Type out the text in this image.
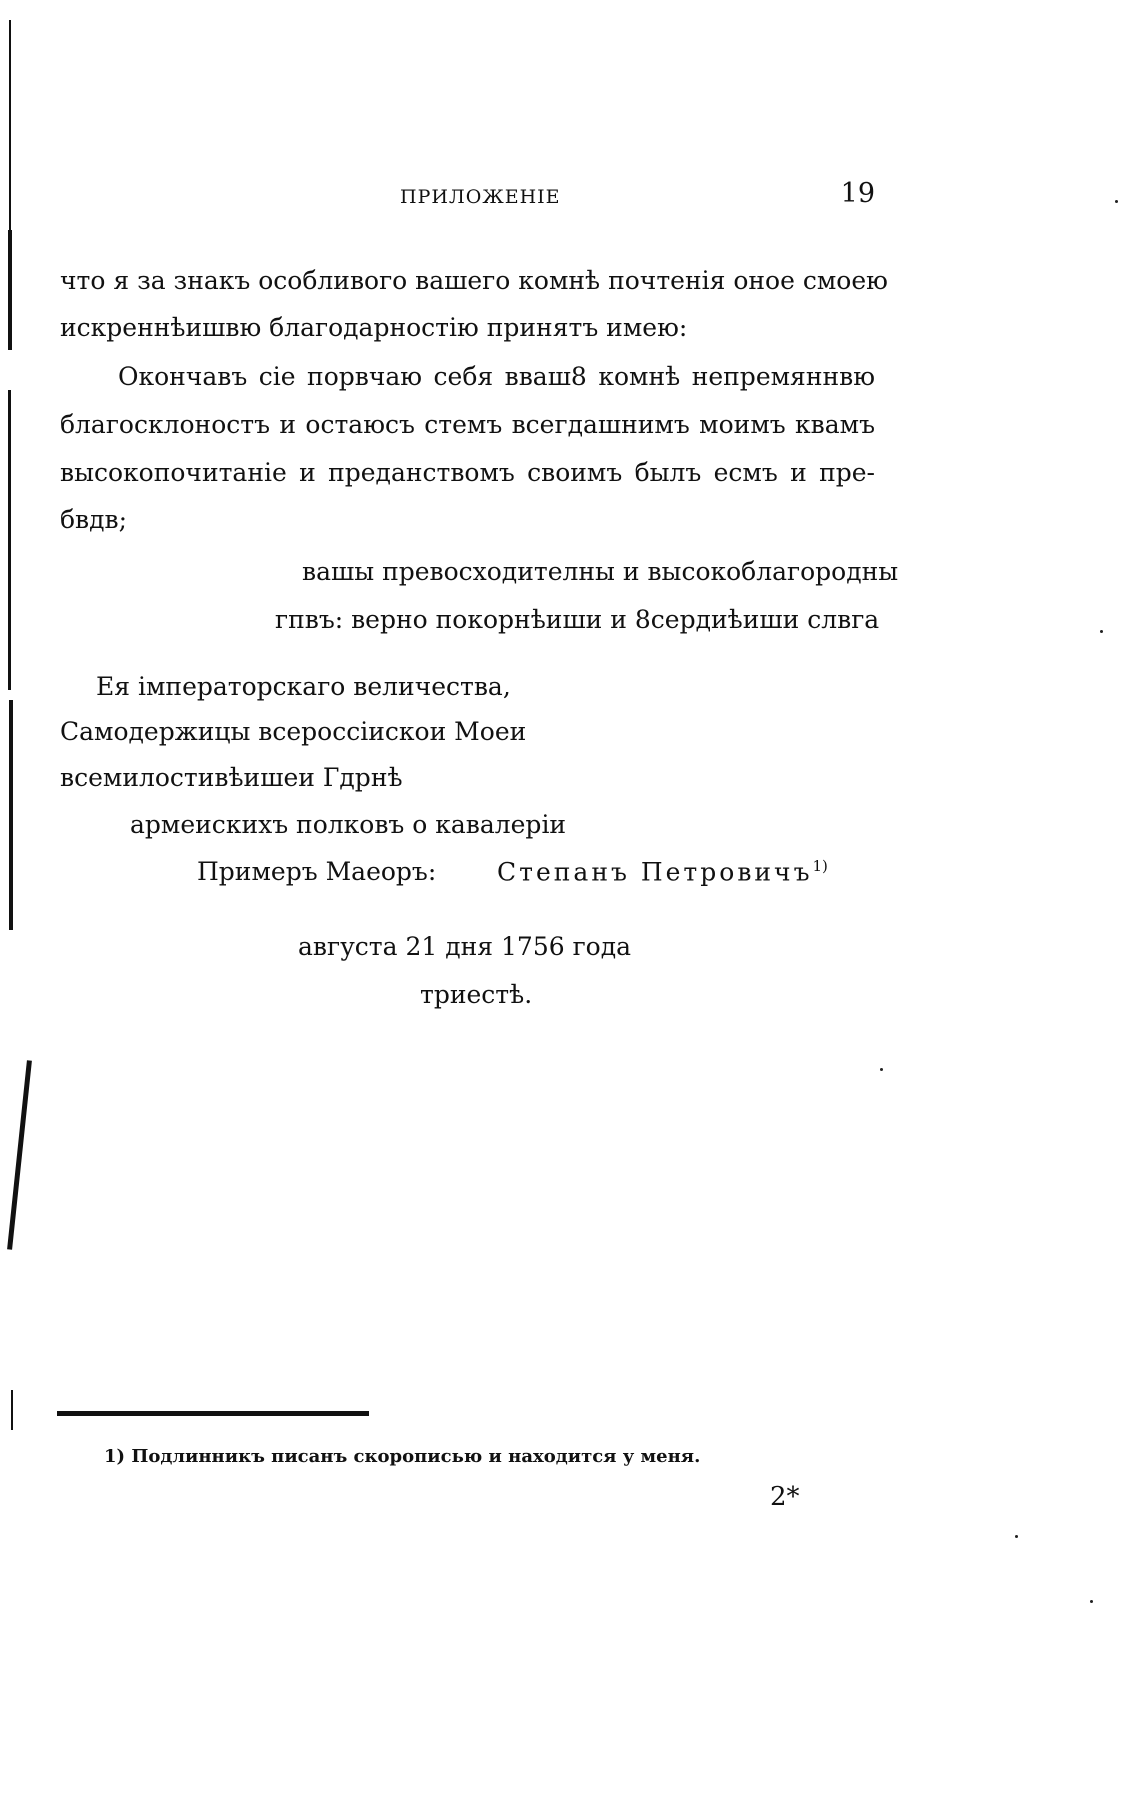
ПРИЛОЖЕНIЕ	19
что я за знакъ особливого вашего комнѣ почтенiя оное смоею
искреннѣишвю благодарностiю принятъ имею:
Окончавъ сiе порвчаю себя вваш8 комнѣ непремяннвю
благосклоностъ и остаюсъ стемъ всегдашнимъ моимъ квамъ
высокопочитанiе и преданствомъ своимъ былъ есмъ и пре-
бвдв;
вашы превосходителны и высокоблагородны
гпвъ: верно покорнѣиши и 8сердиѣиши слвга
Ея iмператорскаго величества,
Самодержицы всероссiискои Моеи
всемилостивѣишеи Гдрнѣ
армеискихъ полковъ о кавалерiи
Примеръ Маеоръ: Степанъ Петровичъ$^{1)}$
августа 21 дня 1756 года
триестѣ.
1) Подлинникъ писанъ скорописью и находится у меня.
2*
